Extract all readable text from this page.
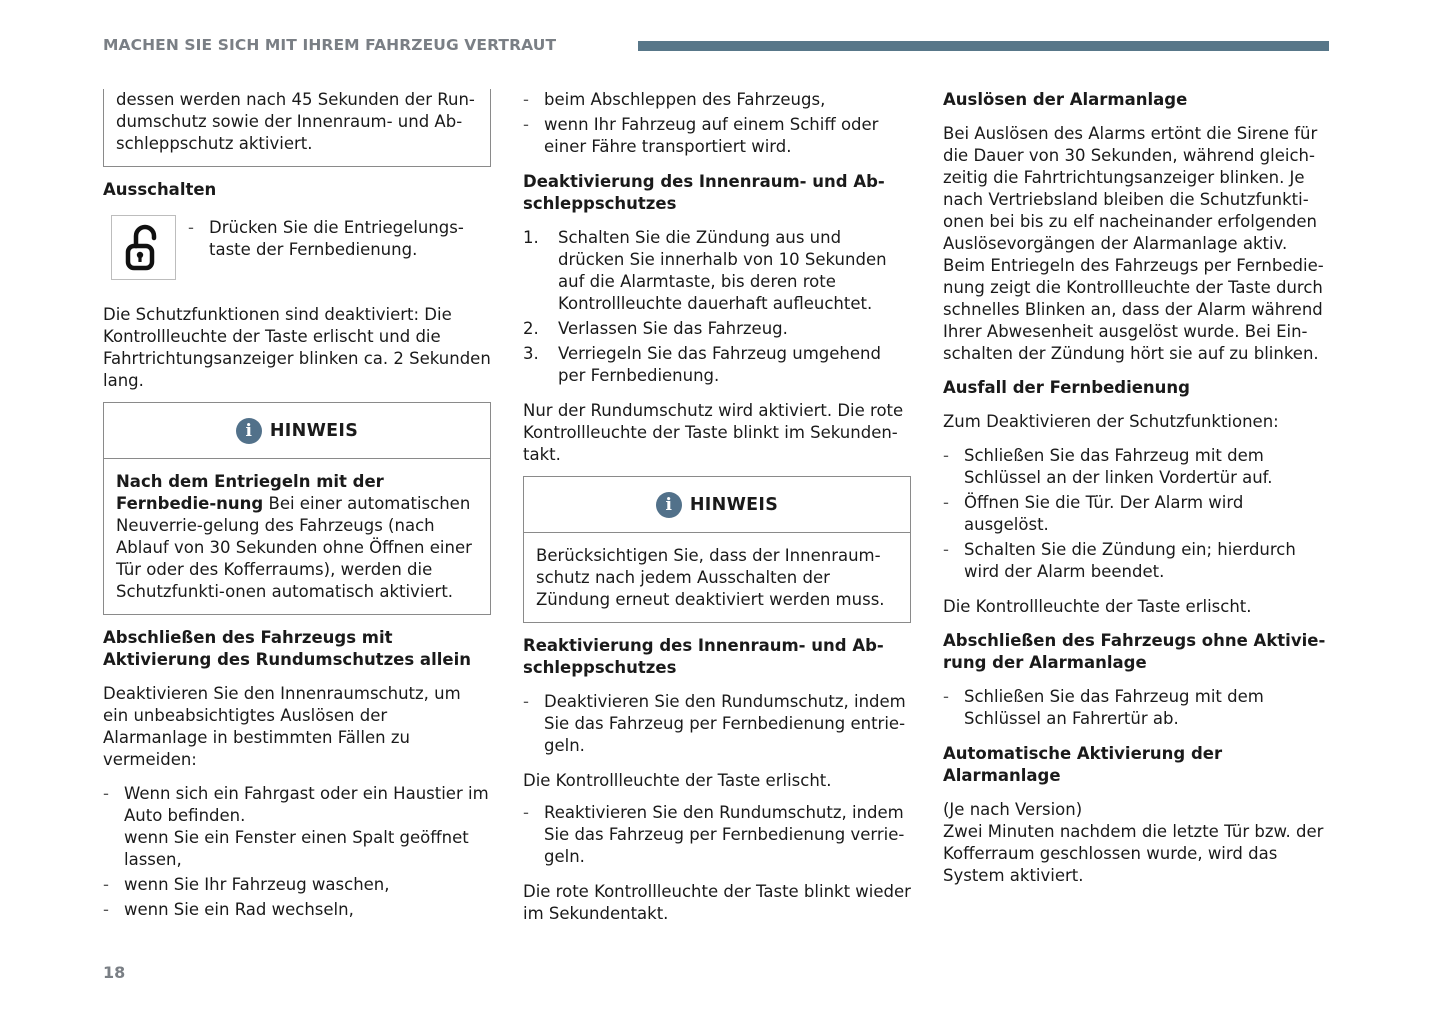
MACHEN SIE SICH MIT IHREM FAHRZEUG VERTRAUT

dessen werden nach 45 Sekunden der Run-dumschutz sowie der Innenraum- und Ab-schleppschutz aktiviert.

Ausschalten

- Drücken Sie die Entriegelungs-taste der Fernbedienung.

Die Schutzfunktionen sind deaktiviert: Die Kontrollleuchte der Taste erlischt und die Fahrtrichtungsanzeiger blinken ca. 2 Sekunden lang.

i	HINWEIS

Nach dem Entriegeln mit der Fernbedie-nung Bei einer automatischen Neuverrie-gelung des Fahrzeugs (nach Ablauf von 30 Sekunden ohne Öffnen einer Tür oder des Kofferraums), werden die Schutzfunkti-onen automatisch aktiviert.

Abschließen des Fahrzeugs mit Aktivierung des Rundumschutzes allein

Deaktivieren Sie den Innenraumschutz, um ein unbeabsichtigtes Auslösen der Alarmanlage in bestimmten Fällen zu vermeiden:

- Wenn sich ein Fahrgast oder ein Haustier im Auto befinden.
wenn Sie ein Fenster einen Spalt geöffnet lassen,
- wenn Sie Ihr Fahrzeug waschen,
- wenn Sie ein Rad wechseln,
- beim Abschleppen des Fahrzeugs,
- wenn Ihr Fahrzeug auf einem Schiff oder einer Fähre transportiert wird.

Deaktivierung des Innenraum- und Ab-schleppschutzes

1. Schalten Sie die Zündung aus und drücken Sie innerhalb von 10 Sekunden auf die Alarmtaste, bis deren rote Kontrollleuchte dauerhaft aufleuchtet.
2. Verlassen Sie das Fahrzeug.
3. Verriegeln Sie das Fahrzeug umgehend per Fernbedienung.

Nur der Rundumschutz wird aktiviert. Die rote Kontrollleuchte der Taste blinkt im Sekunden-takt.

i	HINWEIS

Berücksichtigen Sie, dass der Innenraum-schutz nach jedem Ausschalten der Zündung erneut deaktiviert werden muss.

Reaktivierung des Innenraum- und Ab-schleppschutzes

- Deaktivieren Sie den Rundumschutz, indem Sie das Fahrzeug per Fernbedienung entrie-geln.

Die Kontrollleuchte der Taste erlischt.

- Reaktivieren Sie den Rundumschutz, indem Sie das Fahrzeug per Fernbedienung verrie-geln.

Die rote Kontrollleuchte der Taste blinkt wieder im Sekundentakt.

Auslösen der Alarmanlage

Bei Auslösen des Alarms ertönt die Sirene für die Dauer von 30 Sekunden, während gleich-zeitig die Fahrtrichtungsanzeiger blinken. Je nach Vertriebsland bleiben die Schutzfunkti-onen bei bis zu elf nacheinander erfolgenden Auslösevorgängen der Alarmanlage aktiv. Beim Entriegeln des Fahrzeugs per Fernbedie-nung zeigt die Kontrollleuchte der Taste durch schnelles Blinken an, dass der Alarm während Ihrer Abwesenheit ausgelöst wurde. Bei Ein-schalten der Zündung hört sie auf zu blinken.

Ausfall der Fernbedienung

Zum Deaktivieren der Schutzfunktionen:

- Schließen Sie das Fahrzeug mit dem Schlüssel an der linken Vordertür auf.
- Öffnen Sie die Tür. Der Alarm wird ausgelöst.
- Schalten Sie die Zündung ein; hierdurch wird der Alarm beendet.

Die Kontrollleuchte der Taste erlischt.

Abschließen des Fahrzeugs ohne Aktivie-rung der Alarmanlage

- Schließen Sie das Fahrzeug mit dem Schlüssel an Fahrertür ab.

Automatische Aktivierung der Alarmanlage

(Je nach Version)

Zwei Minuten nachdem die letzte Tür bzw. der Kofferraum geschlossen wurde, wird das System aktiviert.

18
